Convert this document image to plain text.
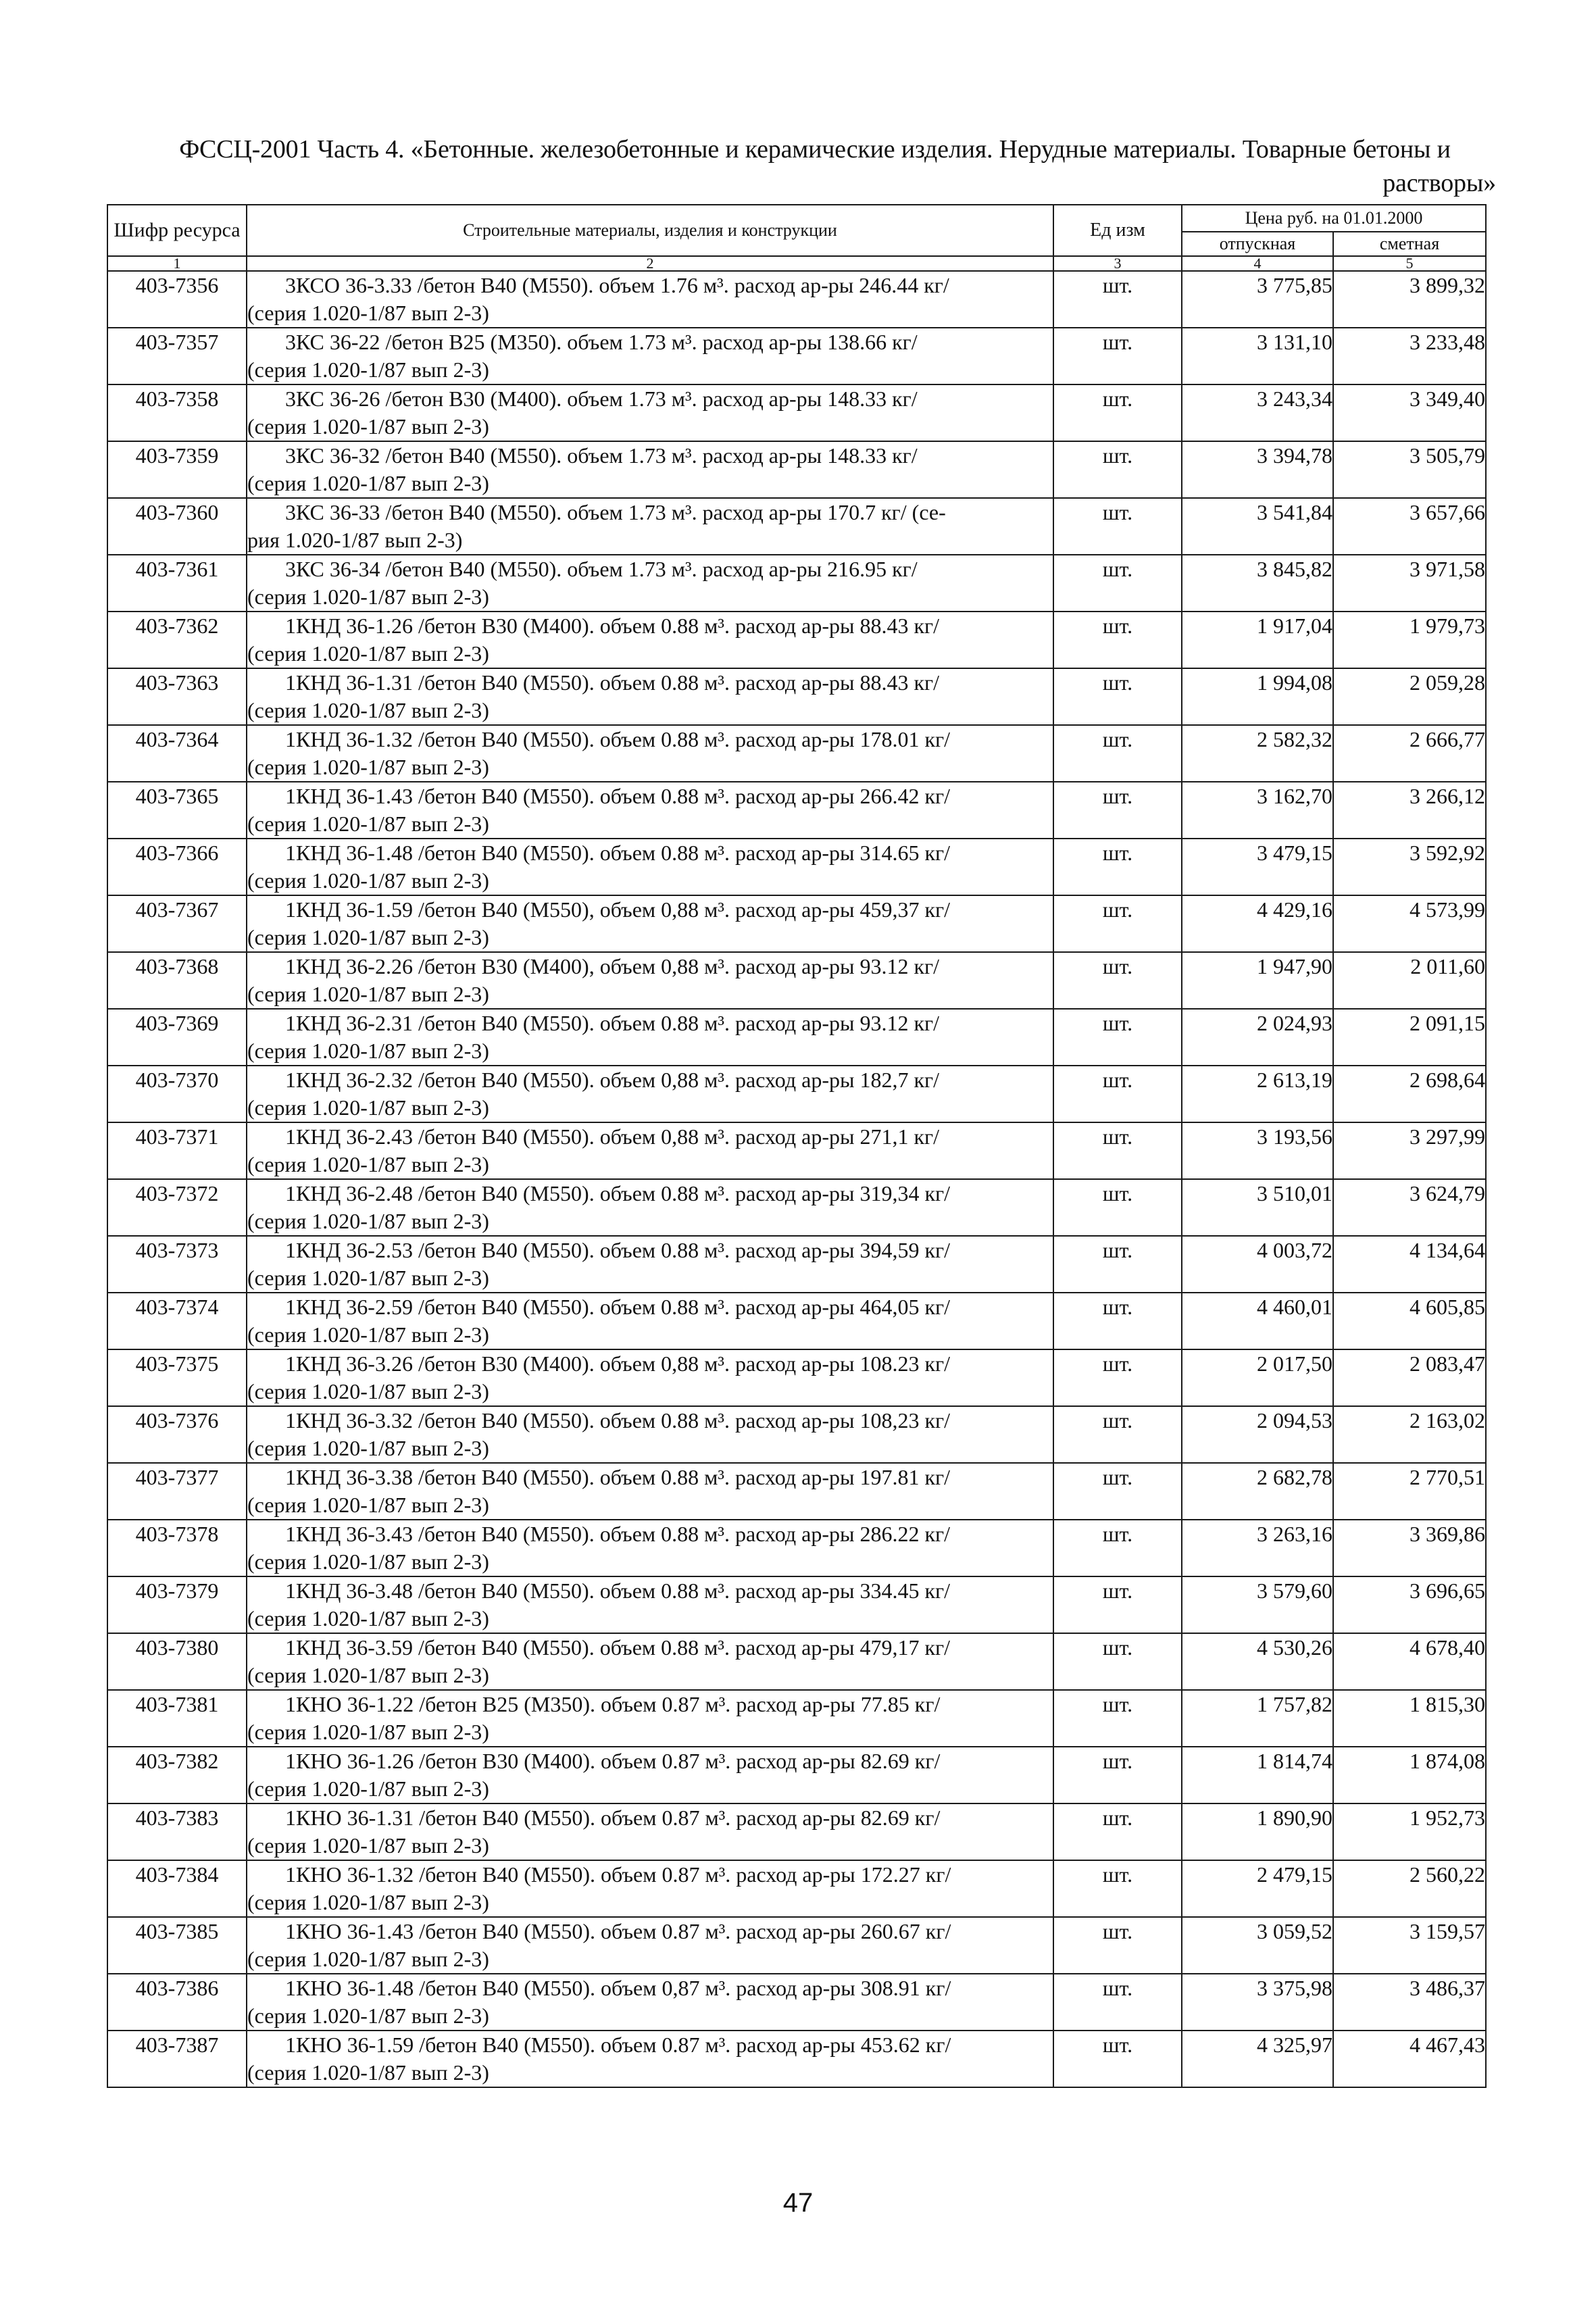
ФССЦ-2001 Часть 4. «Бетонные. железобетонные и керамические изделия. Нерудные материалы. Товарные бетоны и
растворы»
Шифр ресурса	Строительные материалы, изделия и конструкции	Ед изм	Цена руб. на 01.01.2000	
			отпускная	сметная
1	2	3	4	5
403-7356	3КСО 36-3.33 /бетон В40 (М550). объем 1.76 м³. расход ар-ры 246.44 кг/
(серия 1.020-1/87 вып 2-3)	шт.	3 775,85	3 899,32
403-7357	3КС 36-22 /бетон В25 (М350). объем 1.73 м³. расход ар-ры 138.66 кг/
(серия 1.020-1/87 вып 2-3)	шт.	3 131,10	3 233,48
403-7358	3КС 36-26 /бетон В30 (М400). объем 1.73 м³. расход ар-ры 148.33 кг/
(серия 1.020-1/87 вып 2-3)	шт.	3 243,34	3 349,40
403-7359	3КС 36-32 /бетон В40 (М550). объем 1.73 м³. расход ар-ры 148.33 кг/
(серия 1.020-1/87 вып 2-3)	шт.	3 394,78	3 505,79
403-7360	3КС 36-33 /бетон В40 (М550). объем 1.73 м³. расход ар-ры 170.7 кг/ (се-
рия 1.020-1/87 вып 2-3)	шт.	3 541,84	3 657,66
403-7361	3КС 36-34 /бетон В40 (М550). объем 1.73 м³. расход ар-ры 216.95 кг/
(серия 1.020-1/87 вып 2-3)	шт.	3 845,82	3 971,58
403-7362	1КНД 36-1.26 /бетон В30 (М400). объем 0.88 м³. расход ар-ры 88.43 кг/
(серия 1.020-1/87 вып 2-3)	шт.	1 917,04	1 979,73
403-7363	1КНД 36-1.31 /бетон В40 (М550). объем 0.88 м³. расход ар-ры 88.43 кг/
(серия 1.020-1/87 вып 2-3)	шт.	1 994,08	2 059,28
403-7364	1КНД 36-1.32 /бетон В40 (М550). объем 0.88 м³. расход ар-ры 178.01 кг/
(серия 1.020-1/87 вып 2-3)	шт.	2 582,32	2 666,77
403-7365	1КНД 36-1.43 /бетон В40 (М550). объем 0.88 м³. расход ар-ры 266.42 кг/
(серия 1.020-1/87 вып 2-3)	шт.	3 162,70	3 266,12
403-7366	1КНД 36-1.48 /бетон В40 (М550). объем 0.88 м³. расход ар-ры 314.65 кг/
(серия 1.020-1/87 вып 2-3)	шт.	3 479,15	3 592,92
403-7367	1КНД 36-1.59 /бетон В40 (М550), объем 0,88 м³. расход ар-ры 459,37 кг/
(серия 1.020-1/87 вып 2-3)	шт.	4 429,16	4 573,99
403-7368	1КНД 36-2.26 /бетон В30 (М400), объем 0,88 м³. расход ар-ры 93.12 кг/
(серия 1.020-1/87 вып 2-3)	шт.	1 947,90	2 011,60
403-7369	1КНД 36-2.31 /бетон В40 (М550). объем 0.88 м³. расход ар-ры 93.12 кг/
(серия 1.020-1/87 вып 2-3)	шт.	2 024,93	2 091,15
403-7370	1КНД 36-2.32 /бетон В40 (М550). объем 0,88 м³. расход ар-ры 182,7 кг/
(серия 1.020-1/87 вып 2-3)	шт.	2 613,19	2 698,64
403-7371	1КНД 36-2.43 /бетон В40 (М550). объем 0,88 м³. расход ар-ры 271,1 кг/
(серия 1.020-1/87 вып 2-3)	шт.	3 193,56	3 297,99
403-7372	1КНД 36-2.48 /бетон В40 (М550). объем 0.88 м³. расход ар-ры 319,34 кг/
(серия 1.020-1/87 вып 2-3)	шт.	3 510,01	3 624,79
403-7373	1КНД 36-2.53 /бетон В40 (М550). объем 0.88 м³. расход ар-ры 394,59 кг/
(серия 1.020-1/87 вып 2-3)	шт.	4 003,72	4 134,64
403-7374	1КНД 36-2.59 /бетон В40 (М550). объем 0.88 м³. расход ар-ры 464,05 кг/
(серия 1.020-1/87 вып 2-3)	шт.	4 460,01	4 605,85
403-7375	1КНД 36-3.26 /бетон В30 (М400). объем 0,88 м³. расход ар-ры 108.23 кг/
(серия 1.020-1/87 вып 2-3)	шт.	2 017,50	2 083,47
403-7376	1КНД 36-3.32 /бетон В40 (М550). объем 0.88 м³. расход ар-ры 108,23 кг/
(серия 1.020-1/87 вып 2-3)	шт.	2 094,53	2 163,02
403-7377	1КНД 36-3.38 /бетон В40 (М550). объем 0.88 м³. расход ар-ры 197.81 кг/
(серия 1.020-1/87 вып 2-3)	шт.	2 682,78	2 770,51
403-7378	1КНД 36-3.43 /бетон В40 (М550). объем 0.88 м³. расход ар-ры 286.22 кг/
(серия 1.020-1/87 вып 2-3)	шт.	3 263,16	3 369,86
403-7379	1КНД 36-3.48 /бетон В40 (М550). объем 0.88 м³. расход ар-ры 334.45 кг/
(серия 1.020-1/87 вып 2-3)	шт.	3 579,60	3 696,65
403-7380	1КНД 36-3.59 /бетон В40 (М550). объем 0.88 м³. расход ар-ры 479,17 кг/
(серия 1.020-1/87 вып 2-3)	шт.	4 530,26	4 678,40
403-7381	1КНО 36-1.22 /бетон В25 (М350). объем 0.87 м³. расход ар-ры 77.85 кг/
(серия 1.020-1/87 вып 2-3)	шт.	1 757,82	1 815,30
403-7382	1КНО 36-1.26 /бетон В30 (М400). объем 0.87 м³. расход ар-ры 82.69 кг/
(серия 1.020-1/87 вып 2-3)	шт.	1 814,74	1 874,08
403-7383	1КНО 36-1.31 /бетон В40 (М550). объем 0.87 м³. расход ар-ры 82.69 кг/
(серия 1.020-1/87 вып 2-3)	шт.	1 890,90	1 952,73
403-7384	1КНО 36-1.32 /бетон В40 (М550). объем 0.87 м³. расход ар-ры 172.27 кг/
(серия 1.020-1/87 вып 2-3)	шт.	2 479,15	2 560,22
403-7385	1КНО 36-1.43 /бетон В40 (М550). объем 0.87 м³. расход ар-ры 260.67 кг/
(серия 1.020-1/87 вып 2-3)	шт.	3 059,52	3 159,57
403-7386	1КНО 36-1.48 /бетон В40 (М550). объем 0,87 м³. расход ар-ры 308.91 кг/
(серия 1.020-1/87 вып 2-3)	шт.	3 375,98	3 486,37
403-7387	1КНО 36-1.59 /бетон В40 (М550). объем 0.87 м³. расход ар-ры 453.62 кг/
(серия 1.020-1/87 вып 2-3)	шт.	4 325,97	4 467,43
47
